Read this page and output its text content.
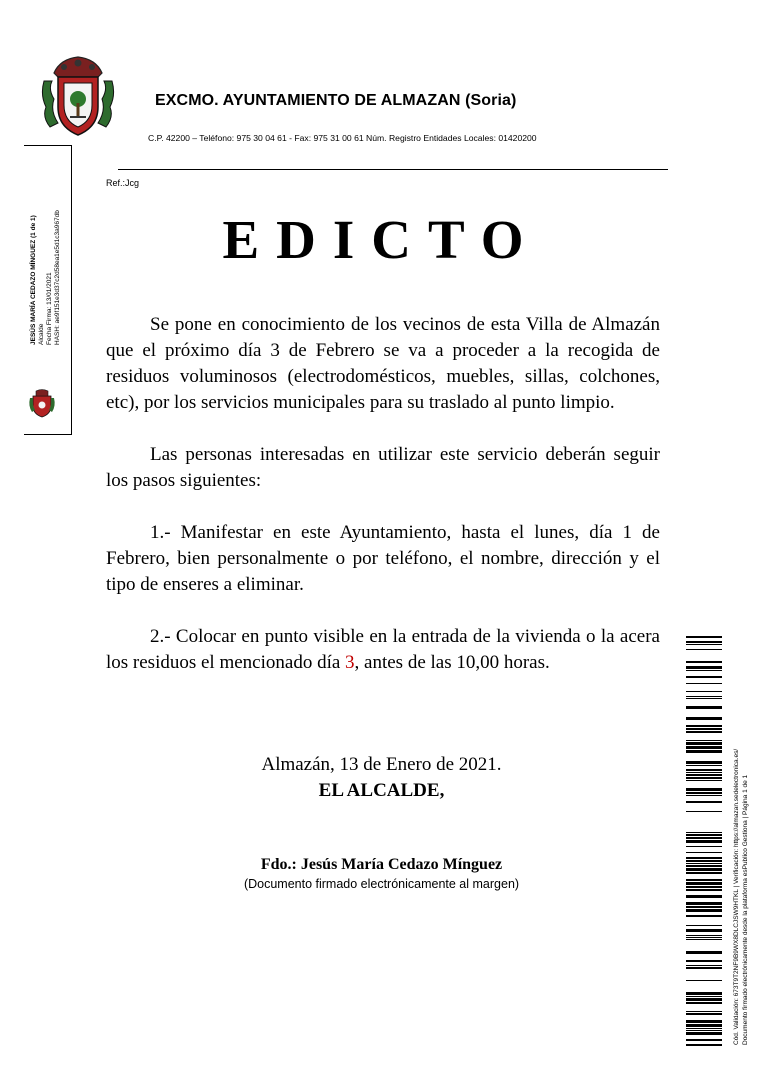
EXCMO. AYUNTAMIENTO DE ALMAZAN (Soria)
C.P. 42200 – Teléfono: 975 30 04 61 - Fax: 975 31 00 61 Núm. Registro Entidades Locales: 01420200
Ref.:Jcg
EDICTO

Se pone en conocimiento de los vecinos de esta Villa de Almazán que el próximo día 3 de Febrero se va a proceder a la recogida de residuos voluminosos (electrodomésticos, muebles, sillas, colchones, etc), por los servicios municipales para su traslado al punto limpio.

Las personas interesadas en utilizar este servicio deberán seguir los pasos siguientes:

1.- Manifestar en este Ayuntamiento, hasta el lunes, día 1 de Febrero, bien personalmente o por teléfono, el nombre, dirección y el tipo de enseres a eliminar.

2.- Colocar en punto visible en la entrada de la vivienda o la acera los residuos el mencionado día 3, antes de las 10,00 horas.

Almazán, 13 de Enero de 2021.
EL ALCALDE,
Fdo.: Jesús María Cedazo Mínguez
(Documento firmado electrónicamente al margen)
JESÚS MARÍA CEDAZO MÍNGUEZ (1 de 1) Alcalde Fecha Firma: 13/01/2021 HASH: ae9f151e3d37c2d58ea1e5d1c3a967db
Cód. Validación: 673T9T2NF9B9WX8DLCJSW9HTKL | Verificación: https://almazan.sedelectronica.es/ Documento firmado electrónicamente desde la plataforma esPublico Gestiona | Página 1 de 1
